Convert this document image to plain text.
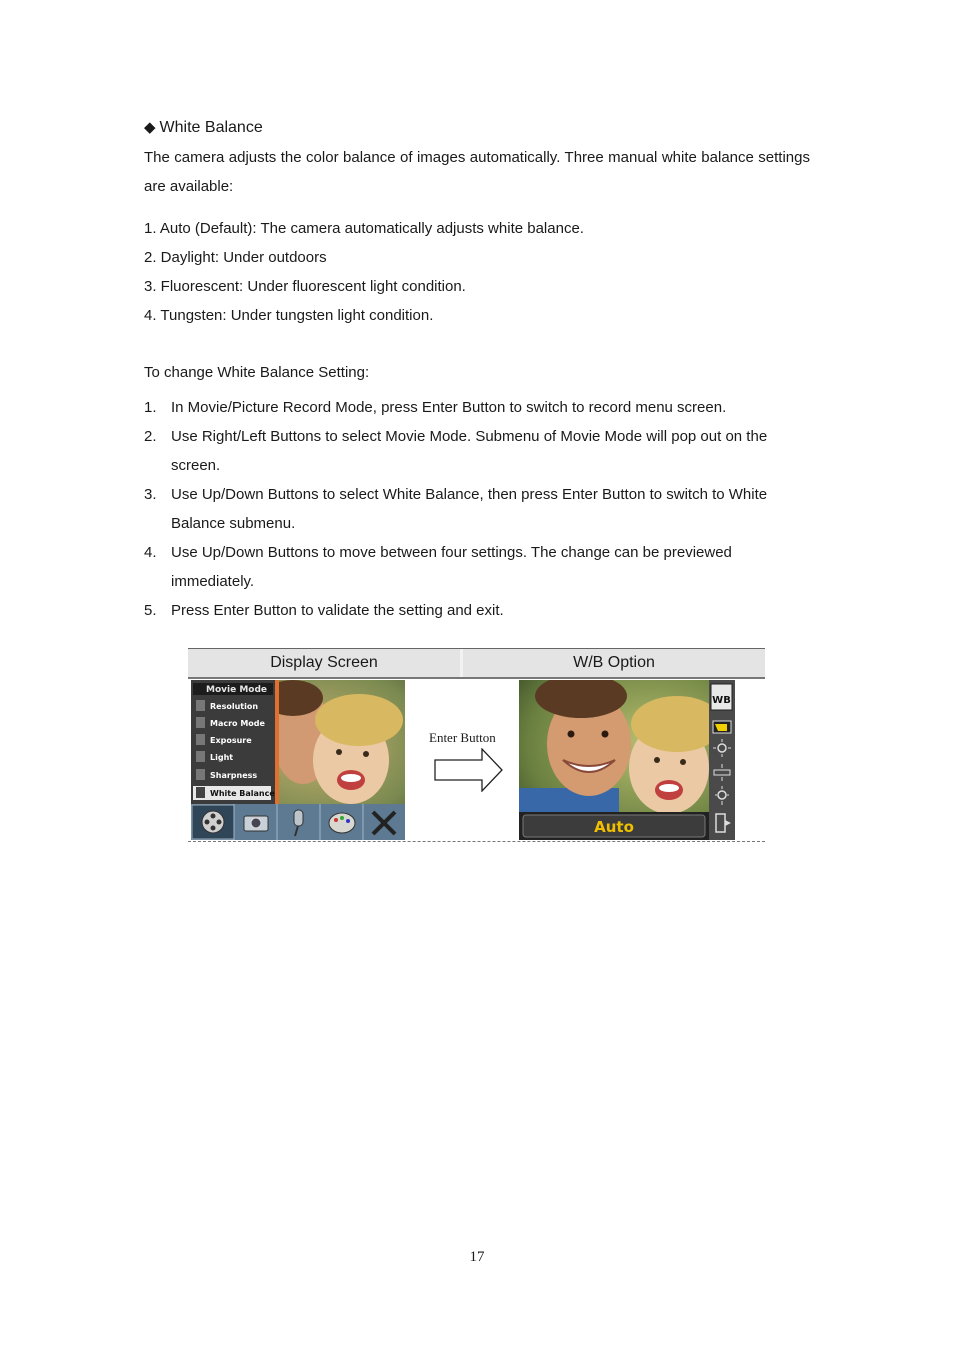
◆ White Balance
The camera adjusts the color balance of images automatically. Three manual white balance settings are available:
1. Auto (Default): The camera automatically adjusts white balance.
2. Daylight: Under outdoors
3. Fluorescent: Under fluorescent light condition.
4. Tungsten: Under tungsten light condition.
To change White Balance Setting:
1. In Movie/Picture Record Mode, press Enter Button to switch to record menu screen.
2. Use Right/Left Buttons to select Movie Mode. Submenu of Movie Mode will pop out on the screen.
3. Use Up/Down Buttons to select White Balance, then press Enter Button to switch to White Balance submenu.
4. Use Up/Down Buttons to move between four settings. The change can be previewed immediately.
5. Press Enter Button to validate the setting and exit.
Display Screen	W/B Option
Movie Mode
Resolution
Macro Mode
Exposure
Light
Sharpness
White Balance
Enter Button
Auto
WB
17
